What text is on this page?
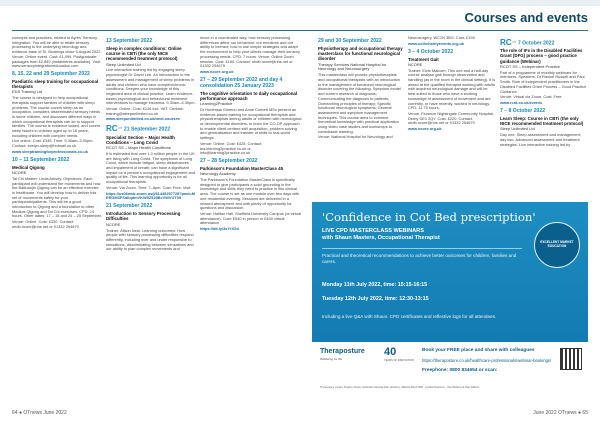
Courses and events

concepts and practices, related to Ayres' Sensory Integration. You will be able to relate sensory processing to the underlying neurology and evidence base of SI. Bookings close 5 August 2022. Venue: Online event. Cost: £1,099. Postgraduate packages from £2,849 (instalments available). Visit: www.sensoryintegrationeducation.com

8, 15, 22 and 29 September 2022

Paediatric sleep training for occupational therapists

EDS Training Ltd

The course is designed to help occupational therapists support families of children with sleep problems. The course covers sleep as an occupation, considers disseminated sensory needs in some children, and discusses different ways in which occupational therapists can do to support families. The course is evidence based, and covers sleep issues in children aged up to 16 years, including children with complex needs.

Live online. Cost: £345. Time: 9.30am–3.00pm. Contact: evelyn-sleep@hotmail.co.uk

www.sleeptrainingforprofessionals.co.uk

10 – 11 September 2022

Medical Qigong

NCORE

Tai Chi Master: Linda Arksey. Objectives: Each participant will understand the movements and how the Baduanjin Qigong can be an effective exercise in healthcare. You will develop how to deliver this set of movements safely for your participants/patients. This will be a good introduction to Qigong and a foundation to other Medical Qigong and Tai Chi exercises. CPD: 24 hours. Other dates: 17 – 18 and 24 – 25 September.

Venue: Online. Cost: £330. Contact: uhdb.ncore@nhs.net or 01332 254679

13 September 2022

Sleep in complex conditions: Online course in CBTi (the only NICE recommended treatment protocol)

Sleep Unlimited Ltd

Live interactive training led by engaging sleep psychologist Dr David Lee. An introduction to the assessment and management of sleep problems in adults and children who have complex/chronic conditions. Deepen your knowledge of this neglected area of clinical practice. Learn evidence-based psychological and behavioural treatment interventions to manage insomnia. 9.30am–4.30pm.

Venue: Online. Cost: £126 incl. VAT. Contact: training@sleepunlimited.co.uk

www.sleepunlimited.co.uk/next-courses

RC OT 21 September 2022

Specialist Section – Major Health Conditions – Long Covid

RCOT SS – Major Health Conditions

It is estimated that over 1.3 million people in the UK are living with Long Covid. The symptoms of Long Covid, which include fatigue, sleep disturbances and impairment of breath, can have a significant impact on a person's occupational engagement and quality of life. This learning opportunity is for all occupational therapists.

Venue: Via Zoom. Time: 7–8pm. Cost: Free. Visit:

https://us06web.zoom.us/j/81445257728?pwd=MERGM3FSdllqdmVKW5Z525BcVWVUT09

21 September 2022

Introduction to Sensory Processing Difficulties

NCORE

Trainer: Alison Neal. Learning outcomes: How people with sensory processing difficulties respond differently, including over and under responsive to sensations, discriminating between sensations and our ability to plan complex movements and

move in a coordinated way; how sensory processing differences affect our behaviour, our emotions and our ability to interact; how to use simple strategies and adapt the environment to help your clients manage their sensory processing needs. CPD: 7 hours. Venue: Online Zoom session. Cost: £160. Contact: uhdb.ncore@nhs.net or 01332 254679

www.ncore.org.uk

27 – 29 September 2022 and day 4 consolidation 25 January 2023

The cognitive orientation to daily occupational performance approach

Learning2Practice

Dr Hortensia Gimeno and Anne Corbett MSc present an evidence-based training for occupational therapists and physiotherapists seeing adults or children with neurological or developmental disorders, to learn the CO-OP approach to enable client-centred skill acquisition, problem solving and generalisation and transfer of skills to real-world settings.

Venue: Online. Cost: £425. Contact: lea.learning2practice.co.uk or info@learning2practice.co.uk

27 – 28 September 2022

Parkinson's Foundation MasterClass 45

Neurology Academy

The Parkinson's Foundation MasterClass is specifically designed to give participants a solid grounding in the knowledge and skills they need to practice in this clinical area. The course is set as one module over two days with one residential evening. Sessions are delivered in a relaxed atmosphere and with plenty of opportunity for questions and discussion.

Venue: Halifax Hall, Sheffield University Campus (or virtual attendance). Cost: £540 in person or £400 virtual attendance

https://bit.ly/3xYrX2d

29 and 30 September 2022

Physiotherapy and occupational therapy masterclass for functional neurological disorder

Therapy Services National Hospital for Neurology and Neurosurgery

This masterclass will provide physiotherapists and occupational therapists with an introduction to the management of functional neurological disorder covering the following: Symptom model and current research of diagnosis; Communicating the diagnosis to patients; Overarching principles of therapy; Specific functional neurological symptoms; General assessment and symptom management techniques. This course aims to combine theoretical knowledge with practical application using video case studies and workshops to consolidate learning.

Venue: National Hospital for Neurology and

Neurosurgery, WC1N 3BG. Cost: £195

www.uclhcharityevents.org.uk

3 – 4 October 2022

Treatment Gait

NCORE

Trainer: Elcie Malcom. This one and a half-day course analyse gait through observation and handling (as in the room in the clinical setting). It is aimed at the qualified therapist working with adults with acquired neurological damage and will be best suited to those who have a working knowledge of assessment of movement and are currently, or have recently, worked in neurology. CPD: 11.75 hours.

Venue: Florence Nightingale Community Hospital, Derby DE1 2QY. Cost: £220. Contact: uhdb.ncore@nhs.net or 01332 254679

www.ncore.org.uk

RC OT 7 October 2022

The role of IFs in the Disabled Facilities Grant (DFG) process – good practice guidance (Webinar)

RCOT SS – Independent Practice

Part of a programme of monthly webinars for members. Speakers: Dr Rachel Russell and Paul Smith. Role of independent practitioners in the Disabled Facilities Grant Process – Good Practice Guidance.

Venue: Virtual via Zoom. Cost: Free

www.rcot.co.uk/events

7 – 8 October 2022

Learn Sleep: Course in CBTi (the only NICE recommended treatment protocol)

Sleep Unlimited Ltd

Day one: Sleep assessment and management; day two: Advanced assessment and treatment strategies. Live interactive training led by

'Confidence in Cot Bed prescription'
LIVE CPD MASTERCLASS WEBINARS
with Shaun Masters, Occupational Therapist
Practical and theoretical recommendations to achieve better outcomes for children, families and carers.
Monday 11th July 2022, time: 15:15-16:15
Tuesday 12th July 2022, time: 12:30-13:15
Including a live Q&A with Shaun. CPD certificates and reflective logs for all attendees.
EXCELLENT MARKET EDUCATION
Theraposture
Wellbeing for life
40
YEARS OF INNOVATION
Book your FREE place and share with colleagues
https://theraposture.co.uk/healthcare-professionals/webinar-bookings/
Freephone: 0800 834654 or scan:
Theraposture Limited, Kingdom House, Northwick Industrial Park, Westbury, Wiltshire BA13 4WB · Cynthia Pleasance – Paul Williams & Allan Williams
64 ● OTnews June 2022	June 2022 OTnews ● 65
